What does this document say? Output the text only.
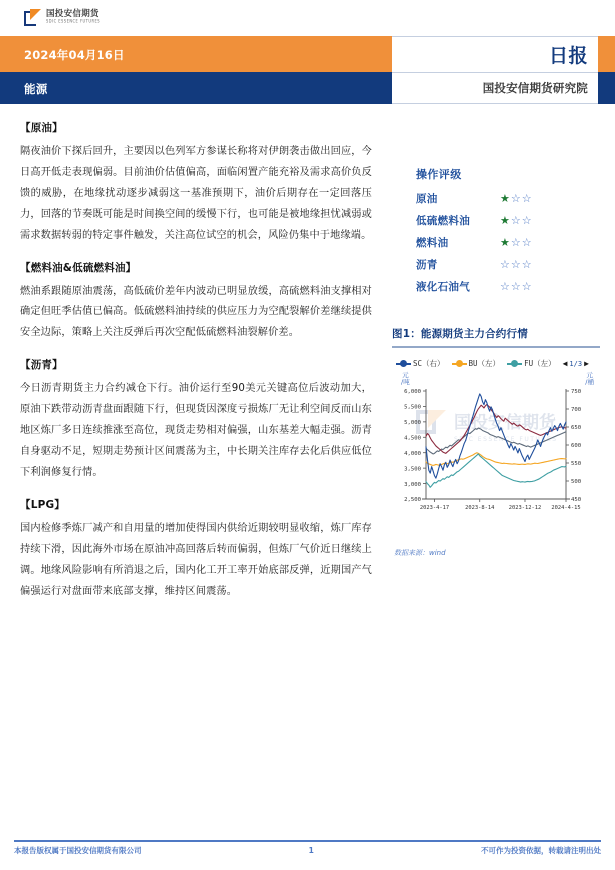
国投安信期货
SDIC ESSENCE FUTURES
2024年04月16日
能源
日报
国投安信期货研究院
【原油】
隔夜油价下探后回升，主要因以色列军方参谋长称将对伊朗袭击做出回应，今日高开低走表现偏弱。目前油价估值偏高，面临闲置产能充裕及需求高价负反馈的威胁，在地缘扰动逐步减弱这一基准预期下，油价后期存在一定回落压力，回落的节奏既可能是时间换空间的缓慢下行，也可能是被地缘担忧减弱或需求数据转弱的特定事件触发，关注高位试空的机会，风险仍集中于地缘端。
【燃料油&低硫燃料油】
燃油系跟随原油震荡，高低硫价差年内波动已明显放缓，高硫燃料油支撑相对确定但旺季估值已偏高。低硫燃料油持续的供应压力为空配裂解价差继续提供安全边际，策略上关注反弹后再次空配低硫燃料油裂解价差。
【沥青】
今日沥青期货主力合约减仓下行。油价运行至90美元关键高位后波动加大，原油下跌带动沥青盘面跟随下行，但现货因深度亏损炼厂无让利空间反而山东地区炼厂多日连续推涨至高位，现货走势相对偏强，山东基差大幅走强。沥青自身驱动不足，短期走势预计区间震荡为主，中长期关注库存去化后供应低位下利润修复行情。
【LPG】
国内检修季炼厂减产和自用量的增加使得国内供给近期较明显收缩，炼厂库存持续下滑，因此海外市场在原油冲高回落后转而偏弱，但炼厂气价近日继续上调。地缘风险影响有所消退之后，国内化工开工率开始底部反弹，近期国产气偏强运行对盘面带来底部支撑，维持区间震荡。
操作评级
原油	★☆☆
低硫燃料油	★☆☆
燃料油	★☆☆
沥青	☆☆☆
液化石油气	☆☆☆
图1：能源期货主力合约行情
SC（右）	BU（左）	FU（左） ◀ 1/3 ▶
元
/吨
元
/桶
国投安信期货
SDIC ESSENCE FUTURES
2,500
3,000
3,500
4,000
4,500
5,000
5,500
6,000
450
500
550
600
650
700
750
2023-4-17	2023-8-14	2023-12-12 2024-4-15
数据来源：wind
本报告版权属于国投安信期货有限公司	1	不可作为投资依据，转载请注明出处
